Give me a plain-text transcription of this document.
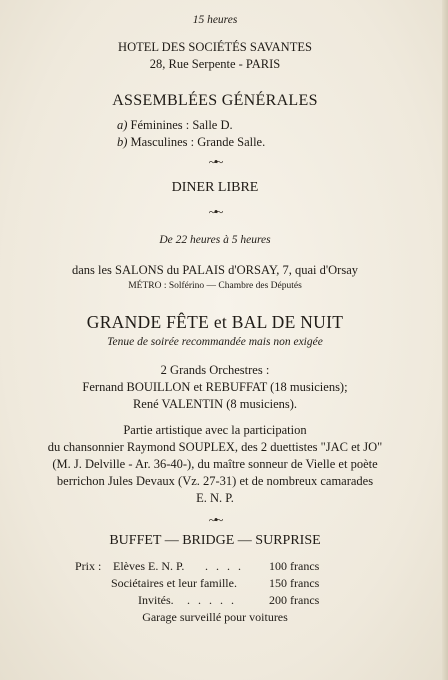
15 heures
HOTEL DES SOCIÉTÉS SAVANTES
28, Rue Serpente - PARIS
ASSEMBLÉES GÉNÉRALES
a) Féminines : Salle D.
b) Masculines : Grande Salle.
~•~
DINER LIBRE
~•~
De 22 heures à 5 heures
dans les SALONS du PALAIS d'ORSAY, 7, quai d'Orsay
MÉTRO : Solférino — Chambre des Députés
GRANDE FÊTE et BAL DE NUIT
Tenue de soirée recommandée mais non exigée
2 Grands Orchestres :
Fernand BOUILLON et REBUFFAT (18 musiciens);
René VALENTIN (8 musiciens).
Partie artistique avec la participation
du chansonnier Raymond SOUPLEX, des 2 duettistes "JAC et JO"
(M. J. Delville - Ar. 36-40-), du maître sonneur de Vielle et poète
berrichon Jules Devaux (Vz. 27-31) et de nombreux camarades
E. N. P.
~•~
BUFFET — BRIDGE — SURPRISE
Prix : Elèves E. N. P. . . . . 100 francs
Sociétaires et leur famille.	150 francs
Invités. . . . . .	200 francs
Garage surveillé pour voitures
